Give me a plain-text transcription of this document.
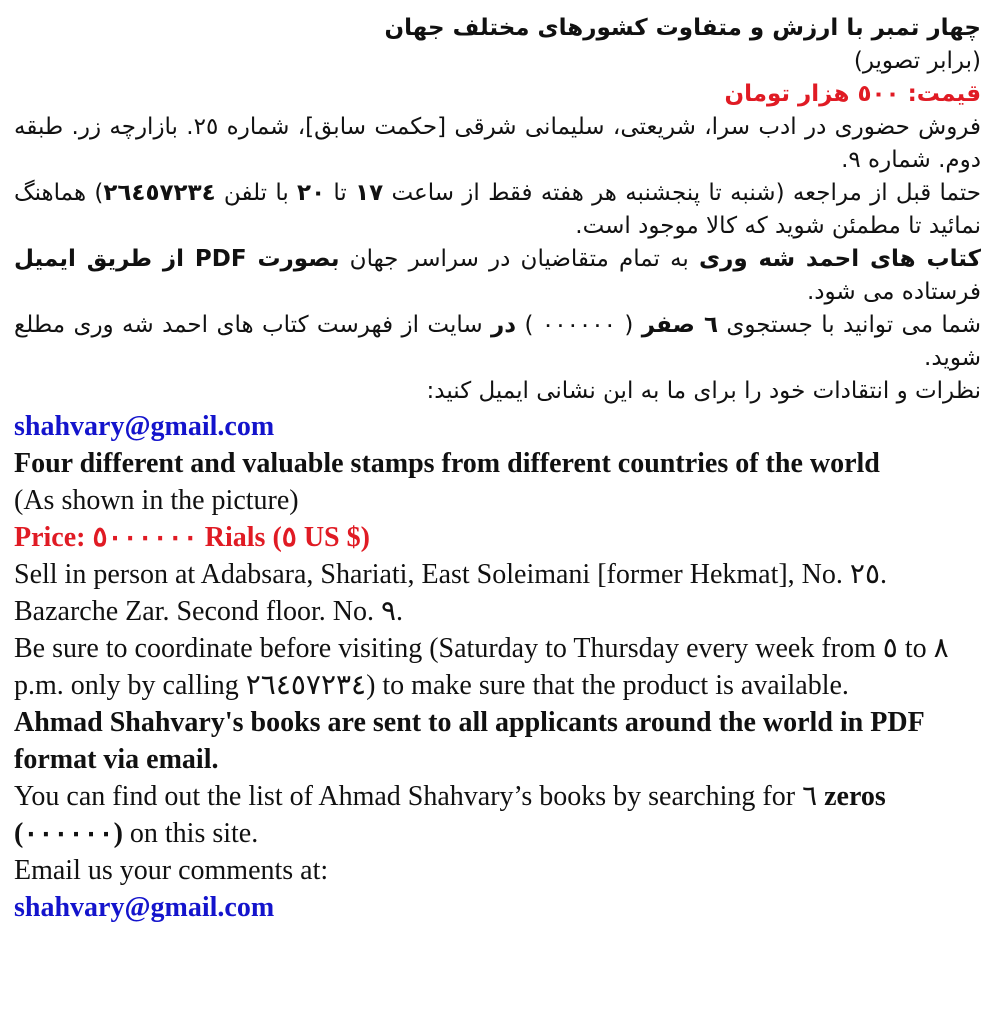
چهار تمبر با ارزش و متفاوت کشورهای مختلف جهان

(برابر تصویر)

قیمت: ٥٠٠ هزار تومان

فروش حضوری در ادب سرا، شریعتی، سلیمانی شرقی [حکمت سابق]، شماره ٢٥. بازارچه زر. طبقه دوم. شماره ٩.

حتما قبل از مراجعه (شنبه تا پنجشنبه هر هفته فقط از ساعت ١٧ تا ٢٠ با تلفن ٢٦٤٥٧٢٣٤) هماهنگ نمائید تا مطمئن شوید که کالا موجود است.

کتاب های احمد شه وری به تمام متقاضیان در سراسر جهان بصورت PDF از طریق ایمیل فرستاده می شود.

شما می توانید با جستجوی ٦ صفر ( ٠٠٠٠٠٠ ) در سایت از فهرست کتاب های احمد شه وری مطلع شوید.

نظرات و انتقادات خود را برای ما به این نشانی ایمیل کنید:

shahvary@gmail.com

Four different and valuable stamps from different countries of the world

(As shown in the picture)

Price: ٥٠٠٠٠٠٠ Rials (٥ US $)

Sell in person at Adabsara, Shariati, East Soleimani [former Hekmat], No. ٢٥. Bazarche Zar. Second floor. No. ٩.

Be sure to coordinate before visiting (Saturday to Thursday every week from ٥ to ٨ p.m. only by calling ٢٦٤٥٧٢٣٤) to make sure that the product is available.

Ahmad Shahvary's books are sent to all applicants around the world in PDF format via email.

You can find out the list of Ahmad Shahvary’s books by searching for ٦ zeros (٠٠٠٠٠٠) on this site.

Email us your comments at:

shahvary@gmail.com
